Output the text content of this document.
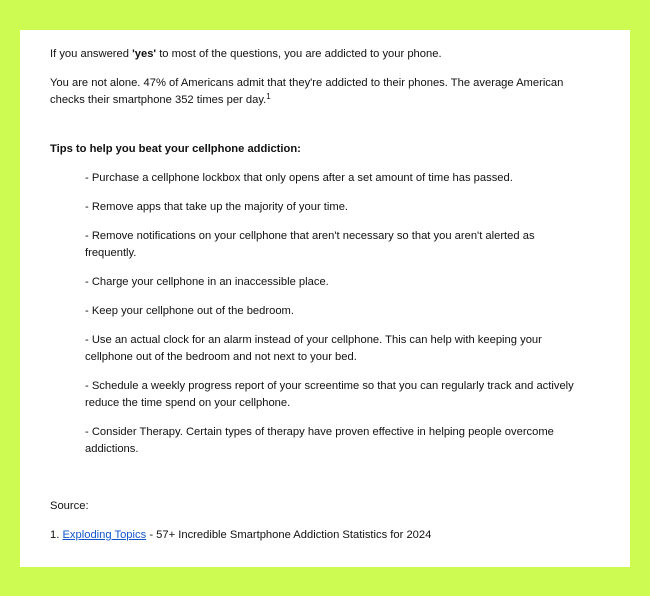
If you answered 'yes' to most of the questions, you are addicted to your phone.

You are not alone. 47% of Americans admit that they're addicted to their phones. The average American checks their smartphone 352 times per day.$^1$

Tips to help you beat your cellphone addiction:

- Purchase a cellphone lockbox that only opens after a set amount of time has passed.
- Remove apps that take up the majority of your time.
- Remove notifications on your cellphone that aren't necessary so that you aren't alerted as frequently.
- Charge your cellphone in an inaccessible place.
- Keep your cellphone out of the bedroom.
- Use an actual clock for an alarm instead of your cellphone. This can help with keeping your cellphone out of the bedroom and not next to your bed.
- Schedule a weekly progress report of your screentime so that you can regularly track and actively reduce the time spend on your cellphone.
- Consider Therapy. Certain types of therapy have proven effective in helping people overcome addictions.

Source:

1. Exploding Topics - 57+ Incredible Smartphone Addiction Statistics for 2024
